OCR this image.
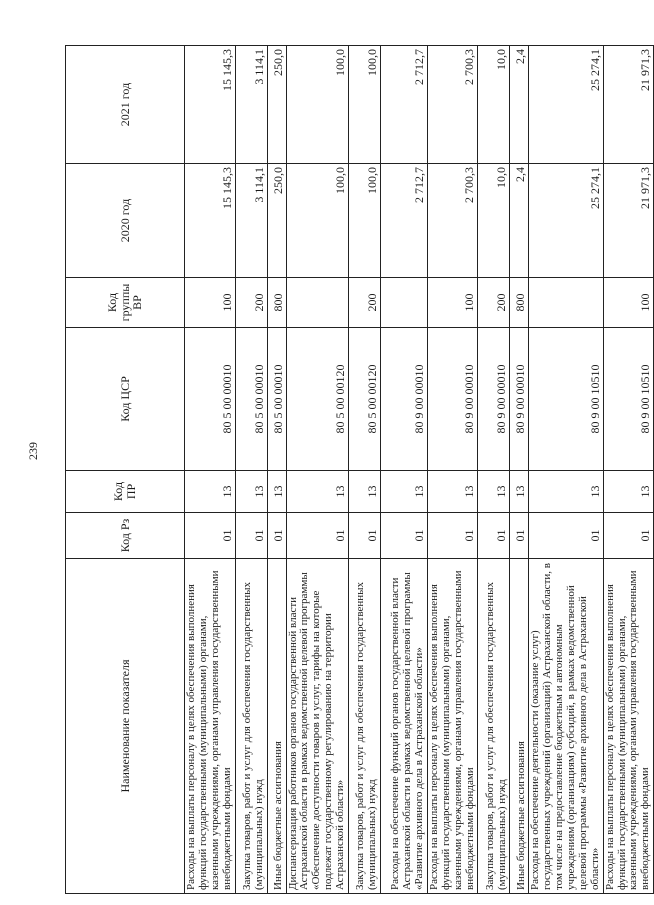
239
Наименование показателя	Код Рз	Код ПР	Код ЦСР	Код группы ВР	2020 год	2021 год
Расходы на выплаты персоналу в целях обеспечения выполнения функций государственными (муниципальными) органами, казенными учреждениями, органами управления государственными внебюджетными фондами	01	13	80 5 00 00010	100	15 145,3	15 145,3
Закупка товаров, работ и услуг для обеспечения государственных (муниципальных) нужд	01	13	80 5 00 00010	200	3 114,1	3 114,1
Иные бюджетные ассигнования	01	13	80 5 00 00010	800	250,0	250,0
Диспансеризация работников органов государственной власти Астраханской области в рамках ведомственной целевой программы «Обеспечение доступности товаров и услуг, тарифы на которые подлежат государственному регулированию на территории Астраханской области»	01	13	80 5 00 00120		100,0	100,0
Закупка товаров, работ и услуг для обеспечения государственных (муниципальных) нужд	01	13	80 5 00 00120	200	100,0	100,0
Расходы на обеспечение функций органов государственной власти Астраханской области в рамках ведомственной целевой программы «Развитие архивного дела в Астраханской области»	01	13	80 9 00 00010		2 712,7	2 712,7
Расходы на выплаты персоналу в целях обеспечения выполнения функций государственными (муниципальными) органами, казенными учреждениями, органами управления государственными внебюджетными фондами	01	13	80 9 00 00010	100	2 700,3	2 700,3
Закупка товаров, работ и услуг для обеспечения государственных (муниципальных) нужд	01	13	80 9 00 00010	200	10,0	10,0
Иные бюджетные ассигнования	01	13	80 9 00 00010	800	2,4	2,4
Расходы на обеспечение деятельности (оказание услуг) государственных учреждений (организаций) Астраханской области, в том числе на предоставление бюджетным и автономным учреждениям (организациям) субсидий, в рамках ведомственной целевой программы «Развитие архивного дела в Астраханской области»	01	13	80 9 00 10510		25 274,1	25 274,1
Расходы на выплаты персоналу в целях обеспечения выполнения функций государственными (муниципальными) органами, казенными учреждениями, органами управления государственными внебюджетными фондами	01	13	80 9 00 10510	100	21 971,3	21 971,3
